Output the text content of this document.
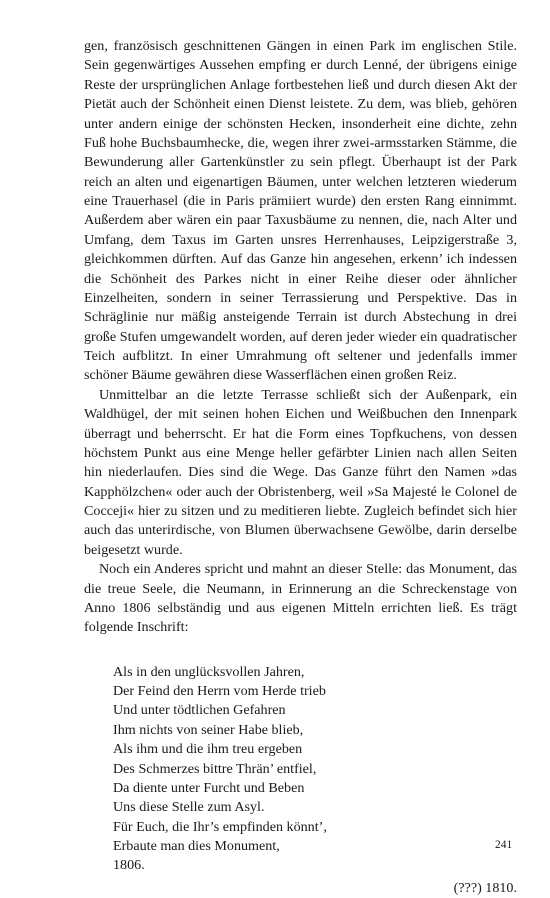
gen, französisch geschnittenen Gängen in einen Park im englischen Stile. Sein gegenwärtiges Aussehen empfing er durch Lenné, der übrigens einige Reste der ursprünglichen Anlage fortbestehen ließ und durch diesen Akt der Pietät auch der Schönheit einen Dienst leistete. Zu dem, was blieb, gehören unter andern einige der schönsten Hecken, insonderheit eine dichte, zehn Fuß hohe Buchsbaumhecke, die, wegen ihrer zwei-armsstarken Stämme, die Bewunderung aller Gartenkünstler zu sein pflegt. Überhaupt ist der Park reich an alten und eigenartigen Bäumen, unter welchen letzteren wiederum eine Trauerhasel (die in Paris prämiiert wurde) den ersten Rang einnimmt. Außerdem aber wären ein paar Taxusbäume zu nennen, die, nach Alter und Umfang, dem Taxus im Garten unsres Herrenhauses, Leipzigerstraße 3, gleichkommen dürften. Auf das Ganze hin angesehen, erkenn’ ich indessen die Schönheit des Parkes nicht in einer Reihe dieser oder ähnlicher Einzelheiten, sondern in seiner Terrassierung und Perspektive. Das in Schräglinie nur mäßig ansteigende Terrain ist durch Abstechung in drei große Stufen umgewandelt worden, auf deren jeder wieder ein quadratischer Teich aufblitzt. In einer Umrahmung oft seltener und jedenfalls immer schöner Bäume gewähren diese Wasserflächen einen großen Reiz.

Unmittelbar an die letzte Terrasse schließt sich der Außenpark, ein Waldhügel, der mit seinen hohen Eichen und Weißbuchen den Innenpark überragt und beherrscht. Er hat die Form eines Topfkuchens, von dessen höchstem Punkt aus eine Menge heller gefärbter Linien nach allen Seiten hin niederlaufen. Dies sind die Wege. Das Ganze führt den Namen »das Kapphölzchen« oder auch der Obristenberg, weil »Sa Majesté le Colonel de Cocceji« hier zu sitzen und zu meditieren liebte. Zugleich befindet sich hier auch das unterirdische, von Blumen überwachsene Gewölbe, darin derselbe beigesetzt wurde.

Noch ein Anderes spricht und mahnt an dieser Stelle: das Monument, das die treue Seele, die Neumann, in Erinnerung an die Schreckenstage von Anno 1806 selbständig und aus eigenen Mitteln errichten ließ. Es trägt folgende Inschrift:

Als in den unglücksvollen Jahren,
Der Feind den Herrn vom Herde trieb
Und unter tödtlichen Gefahren
Ihm nichts von seiner Habe blieb,
Als ihm und die ihm treu ergeben
Des Schmerzes bittre Thrän’ entfiel,
Da diente unter Furcht und Beben
Uns diese Stelle zum Asyl.
Für Euch, die Ihr’s empfinden könnt’,
Erbaute man dies Monument,
1806.
(???) 1810.
241
